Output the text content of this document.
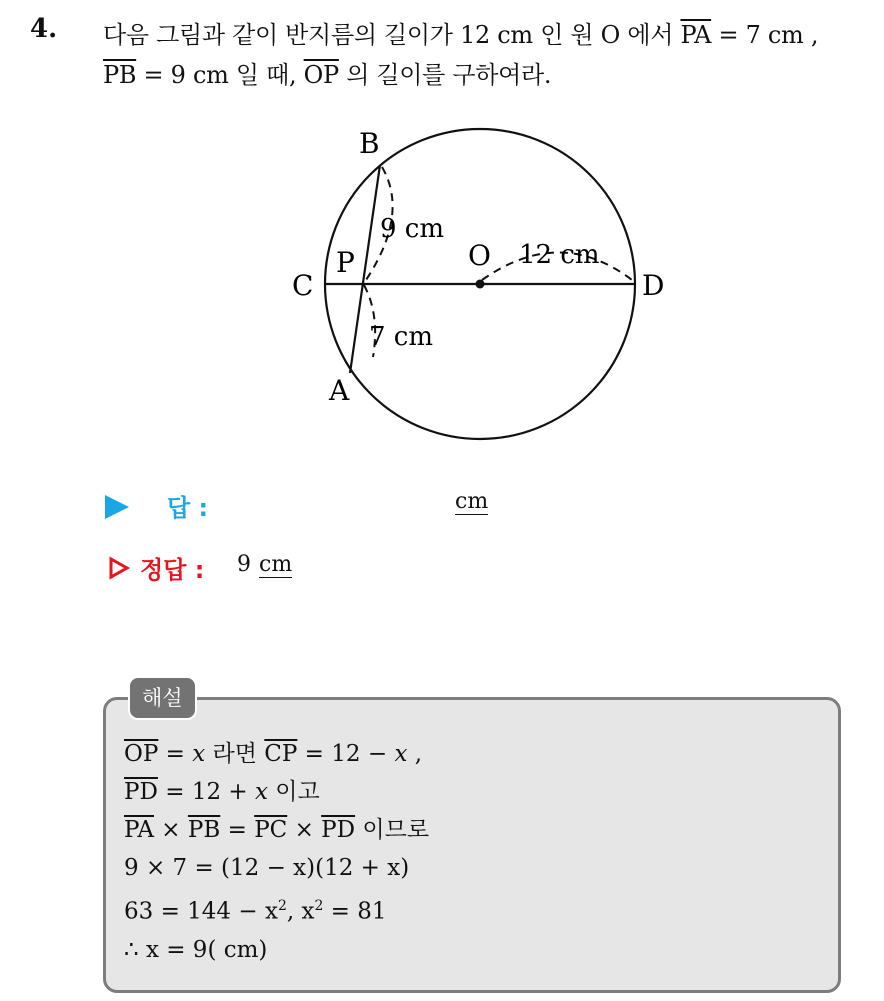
4. 다음 그림과 같이 반지름의 길이가 12 cm 인 원 O 에서 $\overline{PA} = 7$ cm ,
$\overline{PB} = 9$ cm 일 때, $\overline{OP}$ 의 길이를 구하여라.
B
A
C	D
P	O
9 cm
7 cm
12 cm
답 :	cm
정답 : 9 cm
해설
$\overline{OP} = x$ 라면 $\overline{CP} = 12 - x$ ,
$\overline{PD} = 12 + x$ 이고
$\overline{PA} \times \overline{PB} = \overline{PC} \times \overline{PD}$ 이므로
9 × 7 = (12 − x)(12 + x)
$63 = 144 - x^2$, $x^2 = 81$
∴ x = 9( cm)
